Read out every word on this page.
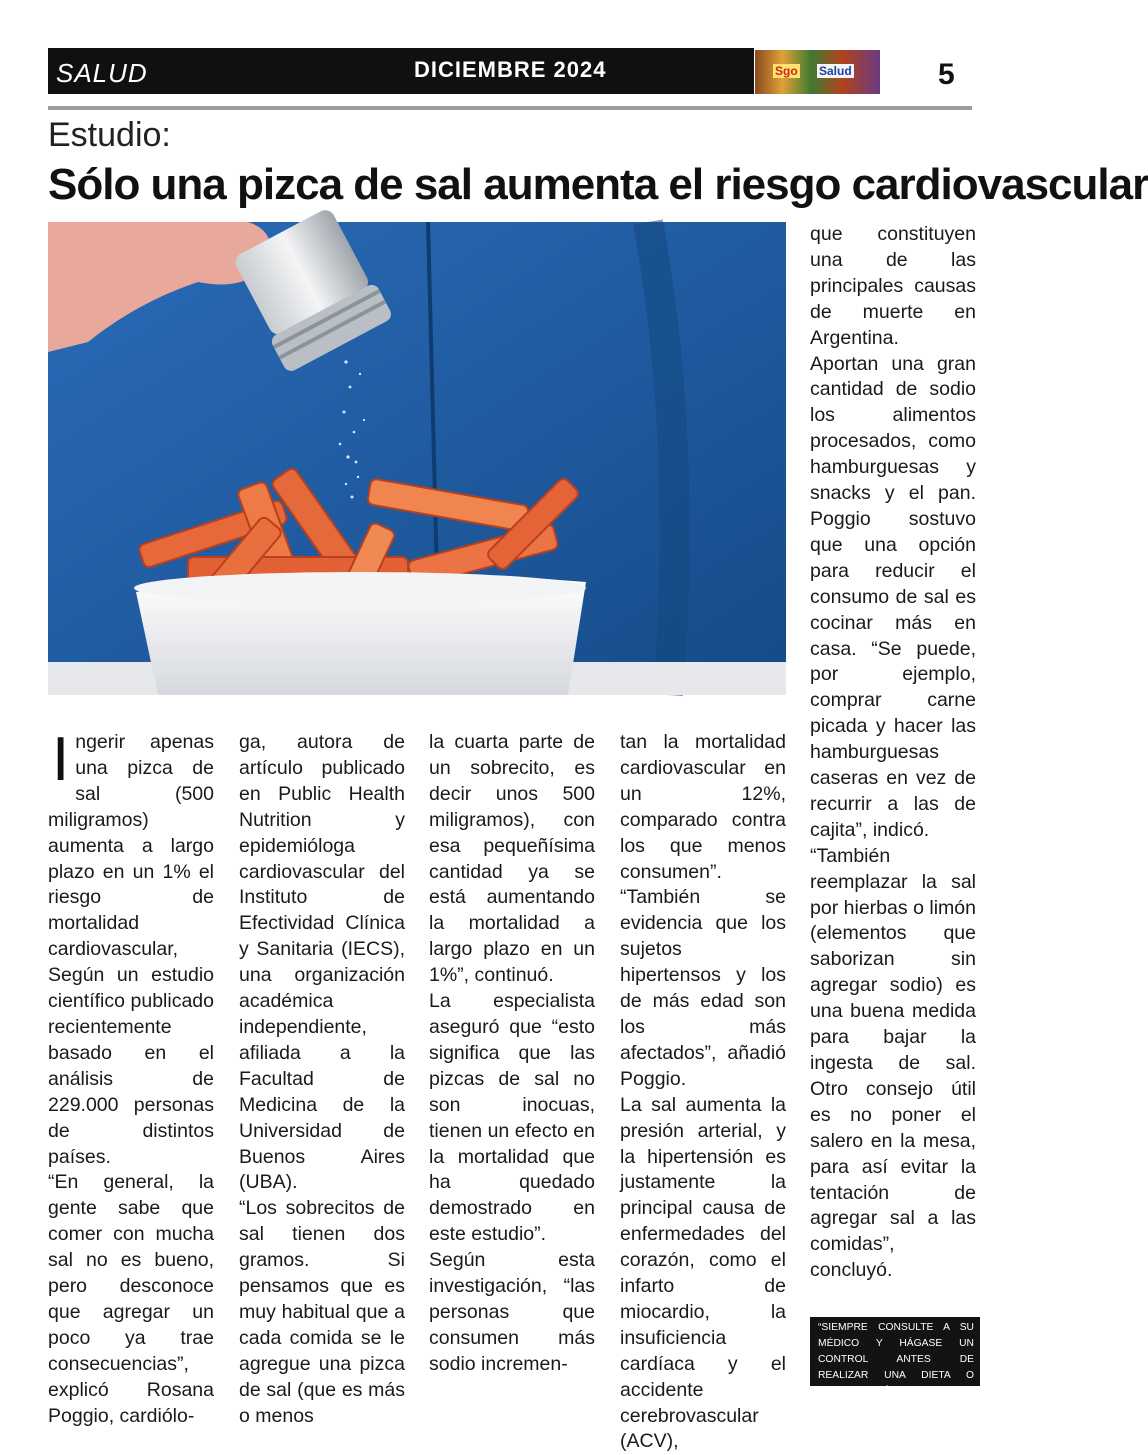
SALUD	DICIEMBRE 2024	Sgo Salud	5
Estudio:
Sólo una pizca de sal aumenta el riesgo cardiovascular
I ngerir apenas una pizca de sal (500 miligramos) aumenta a largo plazo en un 1% el riesgo de mortalidad cardiovascular,

Según un estudio científico publicado recientemente basado en el análisis de 229.000 personas de distintos países.

“En general, la gente sabe que comer con mucha sal no es bueno, pero desconoce que agregar un poco ya trae consecuencias”, explicó Rosana Poggio, cardiólo-

ga, autora de artículo publicado en Public Health Nutrition y epidemióloga cardiovascular del Instituto de Efectividad Clínica y Sanitaria (IECS), una organización académica independiente, afiliada a la Facultad de Medicina de la Universidad de Buenos Aires (UBA).

“Los sobrecitos de sal tienen dos gramos. Si pensamos que es muy habitual que a cada comida se le agregue una pizca de sal (que es más o menos

la cuarta parte de un sobrecito, es decir unos 500 miligramos), con esa pequeñísima cantidad ya se está aumentando la mortalidad a largo plazo en un 1%”, continuó.

La especialista aseguró que “esto significa que las pizcas de sal no son inocuas, tienen un efecto en la mortalidad que ha quedado demostrado en este estudio”.

Según esta investigación, “las personas que consumen más sodio incremen-

tan la mortalidad cardiovascular en un 12%, comparado contra los que menos consumen”.

“También se evidencia que los sujetos hipertensos y los de más edad son los más afectados”, añadió Poggio.

La sal aumenta la presión arterial, y la hipertensión es justamente la principal causa de enfermedades del corazón, como el infarto de miocardio, la insuficiencia cardíaca y el accidente cerebrovascular (ACV),

que constituyen una de las principales causas de muerte en Argentina.

Aportan una gran cantidad de sodio los alimentos procesados, como hamburguesas y snacks y el pan. Poggio sostuvo que una opción para reducir el consumo de sal es cocinar más en casa. “Se puede, por ejemplo, comprar carne picada y hacer las hamburguesas caseras en vez de recurrir a las de cajita”, indicó.

“También reemplazar la sal por hierbas o limón (elementos que saborizan sin agregar sodio) es una buena medida para bajar la ingesta de sal. Otro consejo útil es no poner el salero en la mesa, para así evitar la tentación de agregar sal a las comidas”, concluyó.

“SIEMPRE CONSULTE A SU MÉDICO Y HÁGASE UN CONTROL ANTES DE REALIZAR UNA DIETA O ACTIVADAD FÍSICA”
